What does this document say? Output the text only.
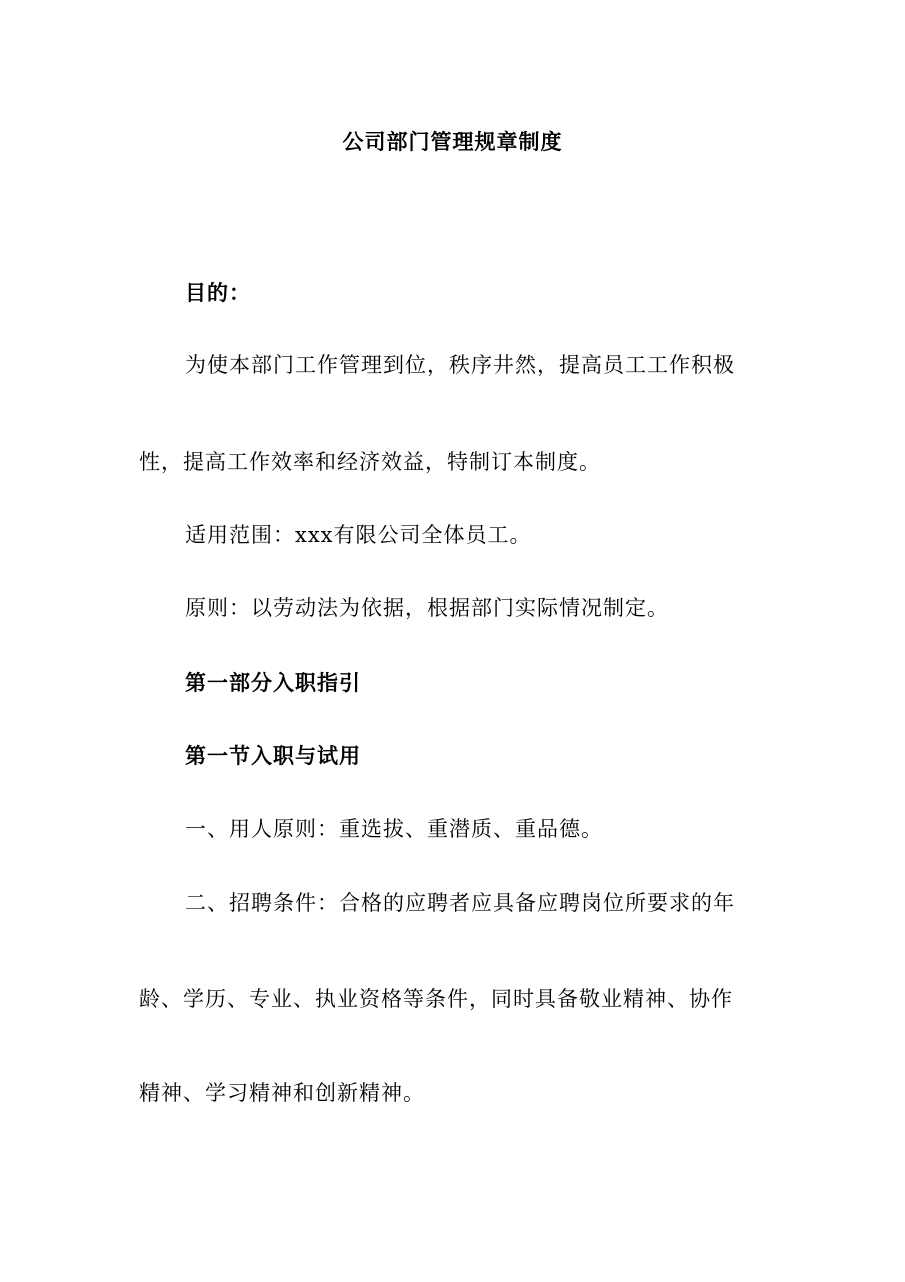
公司部门管理规章制度
目的：
为使本部门工作管理到位，秩序井然，提高员工工作积极
性，提高工作效率和经济效益，特制订本制度。
适用范围：xxx有限公司全体员工。
原则：以劳动法为依据，根据部门实际情况制定。
第一部分入职指引
第一节入职与试用
一、用人原则：重选拔、重潜质、重品德。
二、招聘条件：合格的应聘者应具备应聘岗位所要求的年
龄、学历、专业、执业资格等条件，同时具备敬业精神、协作
精神、学习精神和创新精神。
